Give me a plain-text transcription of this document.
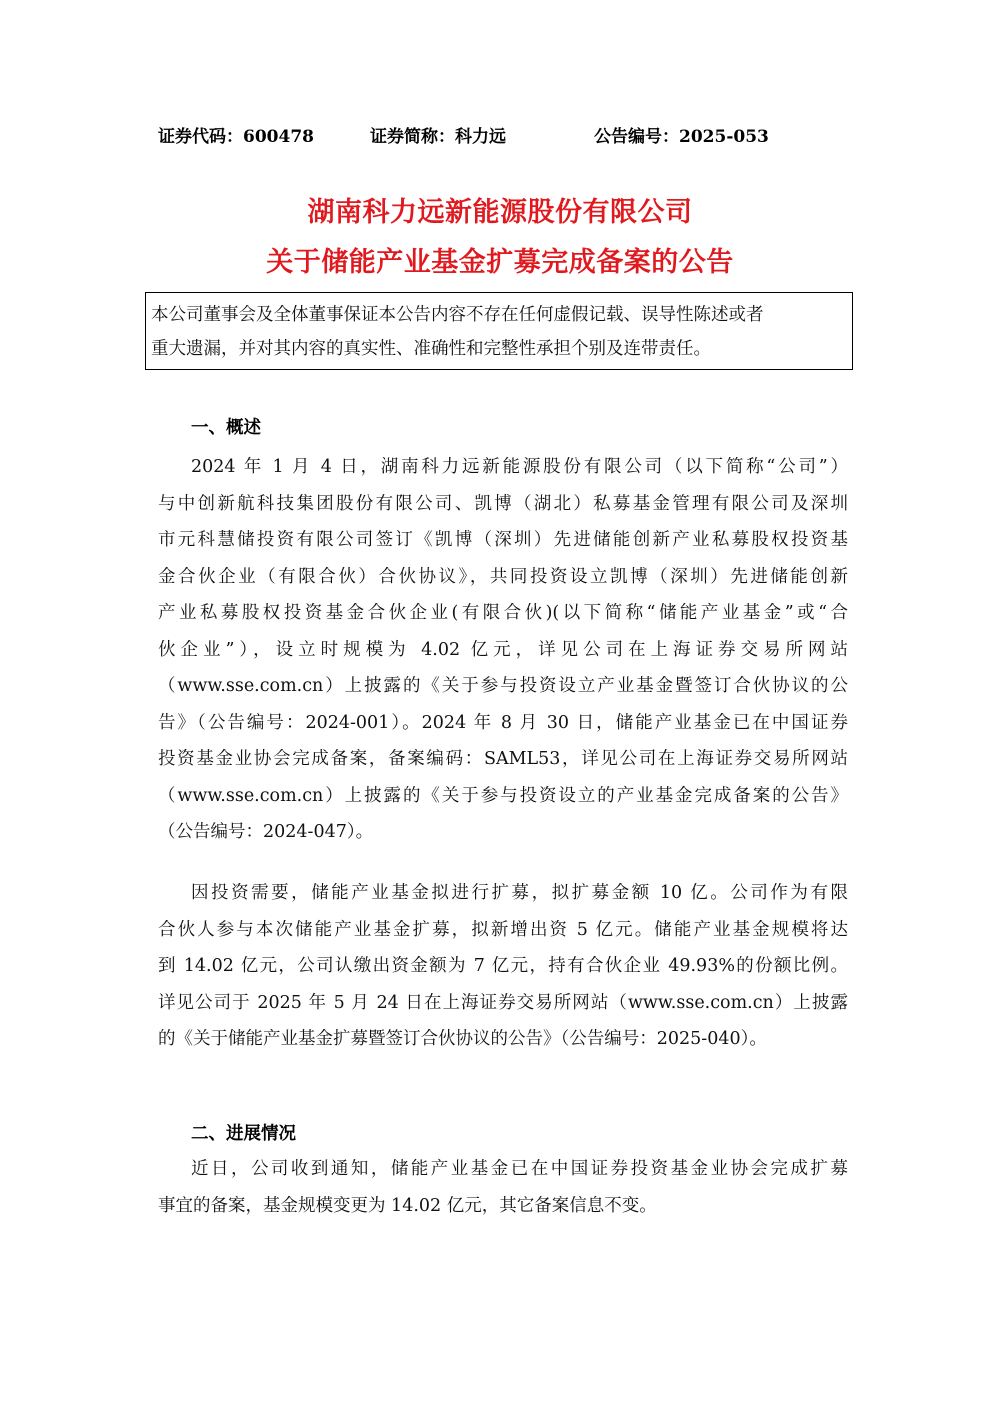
证券代码：600478	证券简称：科力远	公告编号：2025-053
湖南科力远新能源股份有限公司
关于储能产业基金扩募完成备案的公告
本公司董事会及全体董事保证本公告内容不存在任何虚假记载、误导性陈述或者
重大遗漏，并对其内容的真实性、准确性和完整性承担个别及连带责任。
一、概述
2024 年 1 月 4 日，湖南科力远新能源股份有限公司（以下简称“公司”）
与中创新航科技集团股份有限公司、凯博（湖北）私募基金管理有限公司及深圳
市元科慧储投资有限公司签订《凯博（深圳）先进储能创新产业私募股权投资基
金合伙企业（有限合伙）合伙协议》，共同投资设立凯博（深圳）先进储能创新
产业私募股权投资基金合伙企业(有限合伙)(以下简称“储能产业基金”或“合
伙企业”），设立时规模为 4.02 亿元，详见公司在上海证券交易所网站
（www.sse.com.cn）上披露的《关于参与投资设立产业基金暨签订合伙协议的公
告》（公告编号：2024-001）。2024 年 8 月 30 日，储能产业基金已在中国证券
投资基金业协会完成备案，备案编码：SAML53，详见公司在上海证券交易所网站
（www.sse.com.cn）上披露的《关于参与投资设立的产业基金完成备案的公告》
（公告编号：2024-047）。
因投资需要，储能产业基金拟进行扩募，拟扩募金额 10 亿。公司作为有限
合伙人参与本次储能产业基金扩募，拟新增出资 5 亿元。储能产业基金规模将达
到 14.02 亿元，公司认缴出资金额为 7 亿元，持有合伙企业 49.93%的份额比例。
详见公司于 2025 年 5 月 24 日在上海证券交易所网站（www.sse.com.cn）上披露
的《关于储能产业基金扩募暨签订合伙协议的公告》（公告编号：2025-040）。
二、进展情况
近日，公司收到通知，储能产业基金已在中国证券投资基金业协会完成扩募
事宜的备案，基金规模变更为 14.02 亿元，其它备案信息不变。
